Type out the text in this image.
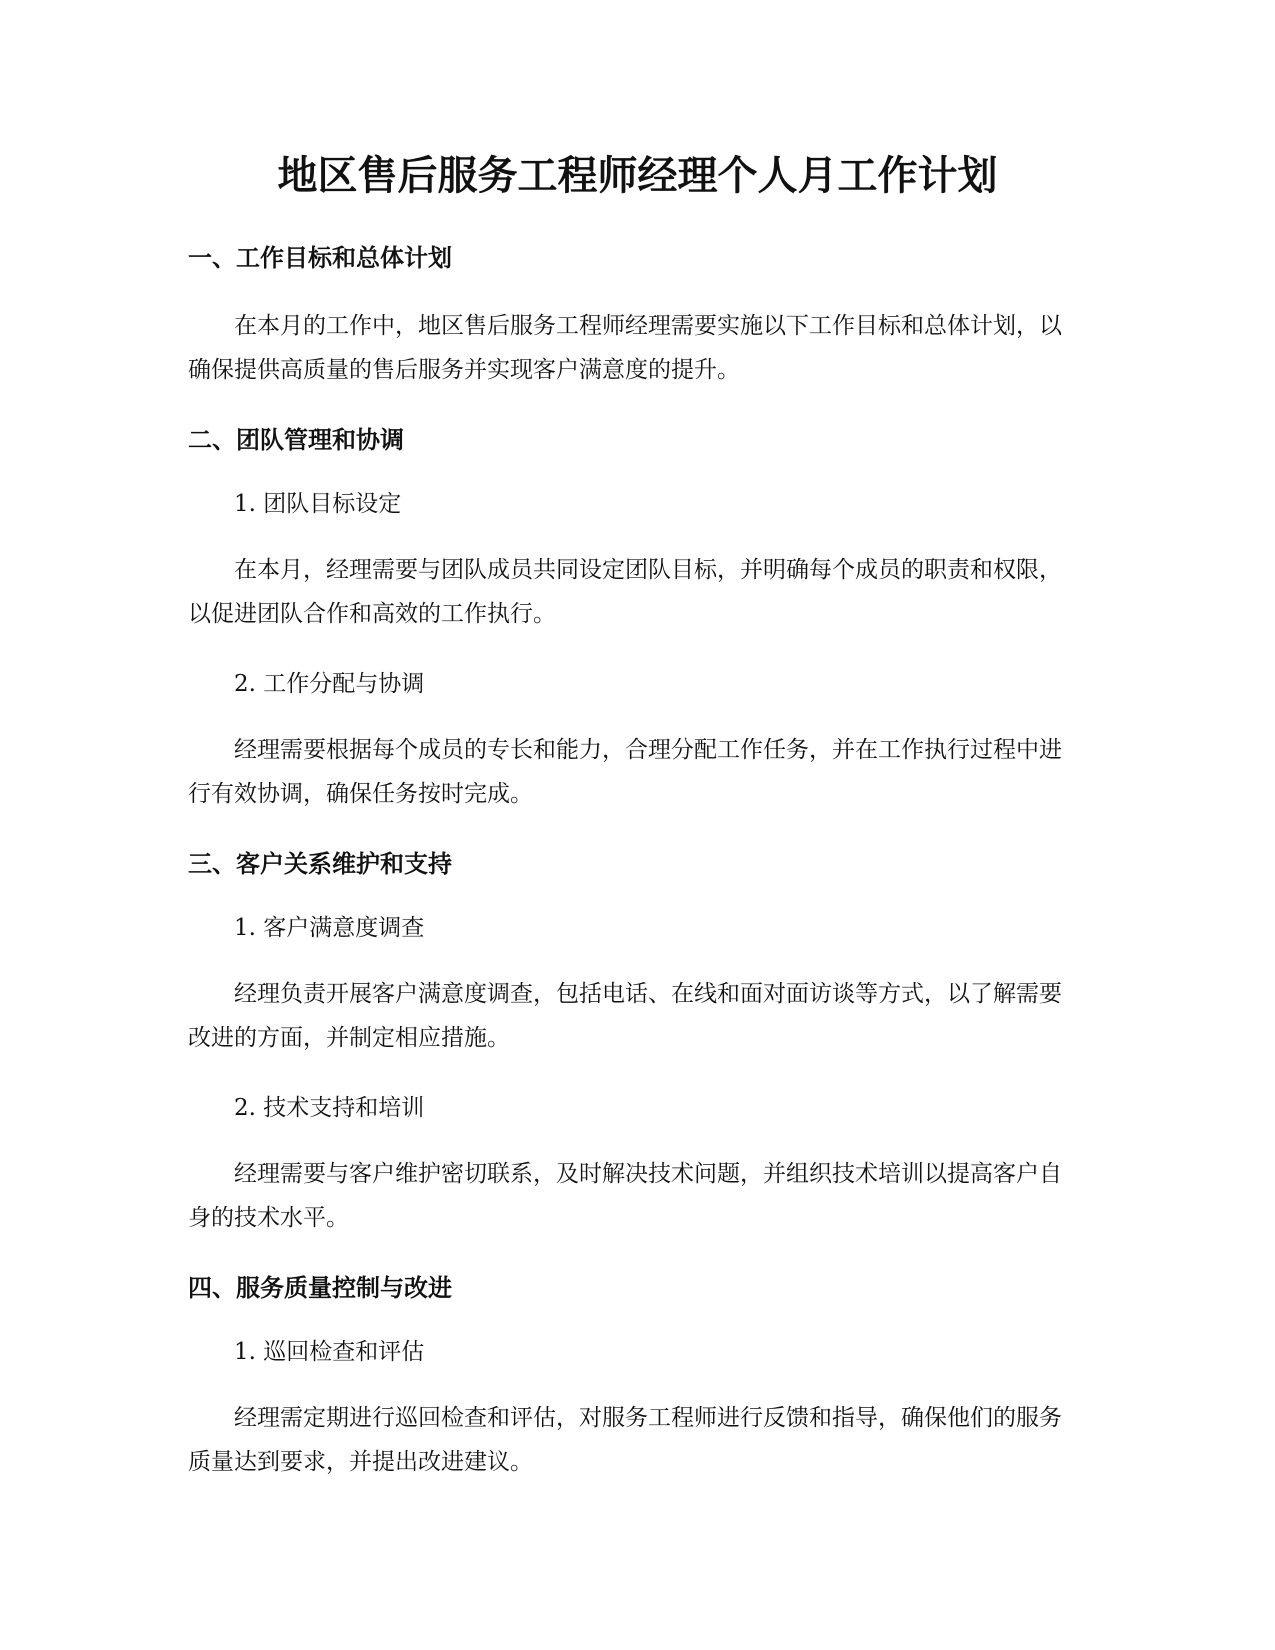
地区售后服务工程师经理个人月工作计划
一、工作目标和总体计划

在本月的工作中，地区售后服务工程师经理需要实施以下工作目标和总体计划，以确保提供高质量的售后服务并实现客户满意度的提升。

二、团队管理和协调

1. 团队目标设定

在本月，经理需要与团队成员共同设定团队目标，并明确每个成员的职责和权限，以促进团队合作和高效的工作执行。

2. 工作分配与协调

经理需要根据每个成员的专长和能力，合理分配工作任务，并在工作执行过程中进行有效协调，确保任务按时完成。

三、客户关系维护和支持

1. 客户满意度调查

经理负责开展客户满意度调查，包括电话、在线和面对面访谈等方式，以了解需要改进的方面，并制定相应措施。

2. 技术支持和培训

经理需要与客户维护密切联系，及时解决技术问题，并组织技术培训以提高客户自身的技术水平。

四、服务质量控制与改进

1. 巡回检查和评估

经理需定期进行巡回检查和评估，对服务工程师进行反馈和指导，确保他们的服务质量达到要求，并提出改进建议。
